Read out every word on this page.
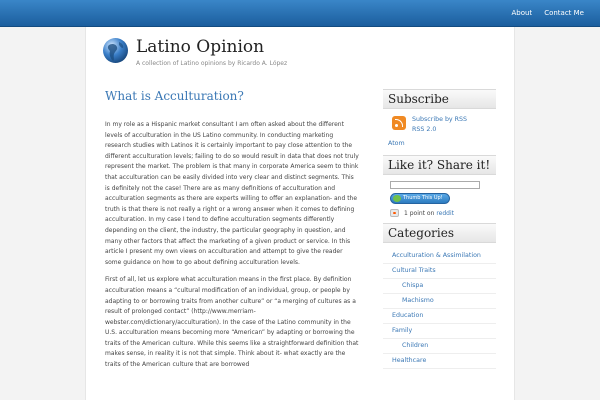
About	Contact Me
Latino Opinion
A collection of Latino opinions by Ricardo A. López
What is Acculturation?

In my role as a Hispanic market consultant I am often asked about the different levels of acculturation in the US Latino community. In conducting marketing research studies with Latinos it is certainly important to pay close attention to the different acculturation levels; failing to do so would result in data that does not truly represent the market. The problem is that many in corporate America seem to think that acculturation can be easily divided into very clear and distinct segments. This is definitely not the case! There are as many definitions of acculturation and acculturation segments as there are experts willing to offer an explanation- and the truth is that there is not really a right or a wrong answer when it comes to defining acculturation. In my case I tend to define acculturation segments differently depending on the client, the industry, the particular geography in question, and many other factors that affect the marketing of a given product or service. In this article I present my own views on acculturation and attempt to give the reader some guidance on how to go about defining acculturation levels.

First of all, let us explore what acculturation means in the first place. By definition acculturation means a “cultural modification of an individual, group, or people by adapting to or borrowing traits from another culture” or “a merging of cultures as a result of prolonged contact” (http://www.merriam-webster.com/dictionary/acculturation). In the case of the Latino community in the U.S. acculturation means becoming more “American” by adapting or borrowing the traits of the American culture. While this seems like a straightforward definition that makes sense, in reality it is not that simple. Think about it- what exactly are the traits of the American culture that are borrowed

Subscribe
Subscribe by RSS
RSS 2.0
Atom
Like it? Share it!
Thumb This Up!
1 point on reddit
Categories
Acculturation & Assimilation
Cultural Traits
Chispa
Machismo
Education
Family
Children
Healthcare
